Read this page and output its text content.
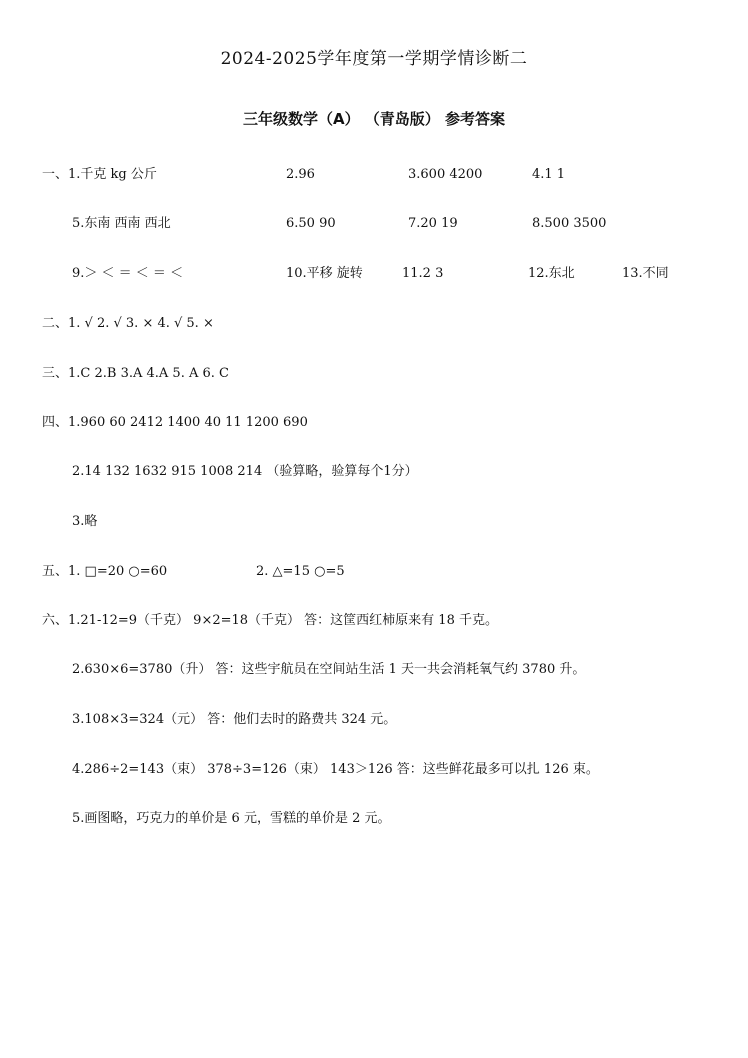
2024-2025学年度第一学期学情诊断二
三年级数学（A） （青岛版） 参考答案
一、1.千克 kg 公斤	2.96	3.600 4200	4.1 1
5.东南 西南 西北	6.50 90	7.20 19	8.500 3500
9.＞ ＜ ＝ ＜ ＝ ＜	10.平移 旋转	11.2 3	12.东北	13.不同
二、1. √ 2. √ 3. × 4. √ 5. ×
三、1.C 2.B 3.A 4.A 5. A 6. C
四、1.960 60 2412 1400 40 11 1200 690
2.14 132 1632 915 1008 214 （验算略，验算每个1分）
3.略
五、1. □=20 ○=60	2. △=15 ○=5
六、1.21-12=9（千克） 9×2=18（千克） 答：这筐西红柿原来有 18 千克。
2.630×6=3780（升） 答：这些宇航员在空间站生活 1 天一共会消耗氧气约 3780 升。
3.108×3=324（元） 答：他们去时的路费共 324 元。
4.286÷2=143（束） 378÷3=126（束） 143＞126 答：这些鲜花最多可以扎 126 束。
5.画图略，巧克力的单价是 6 元，雪糕的单价是 2 元。
